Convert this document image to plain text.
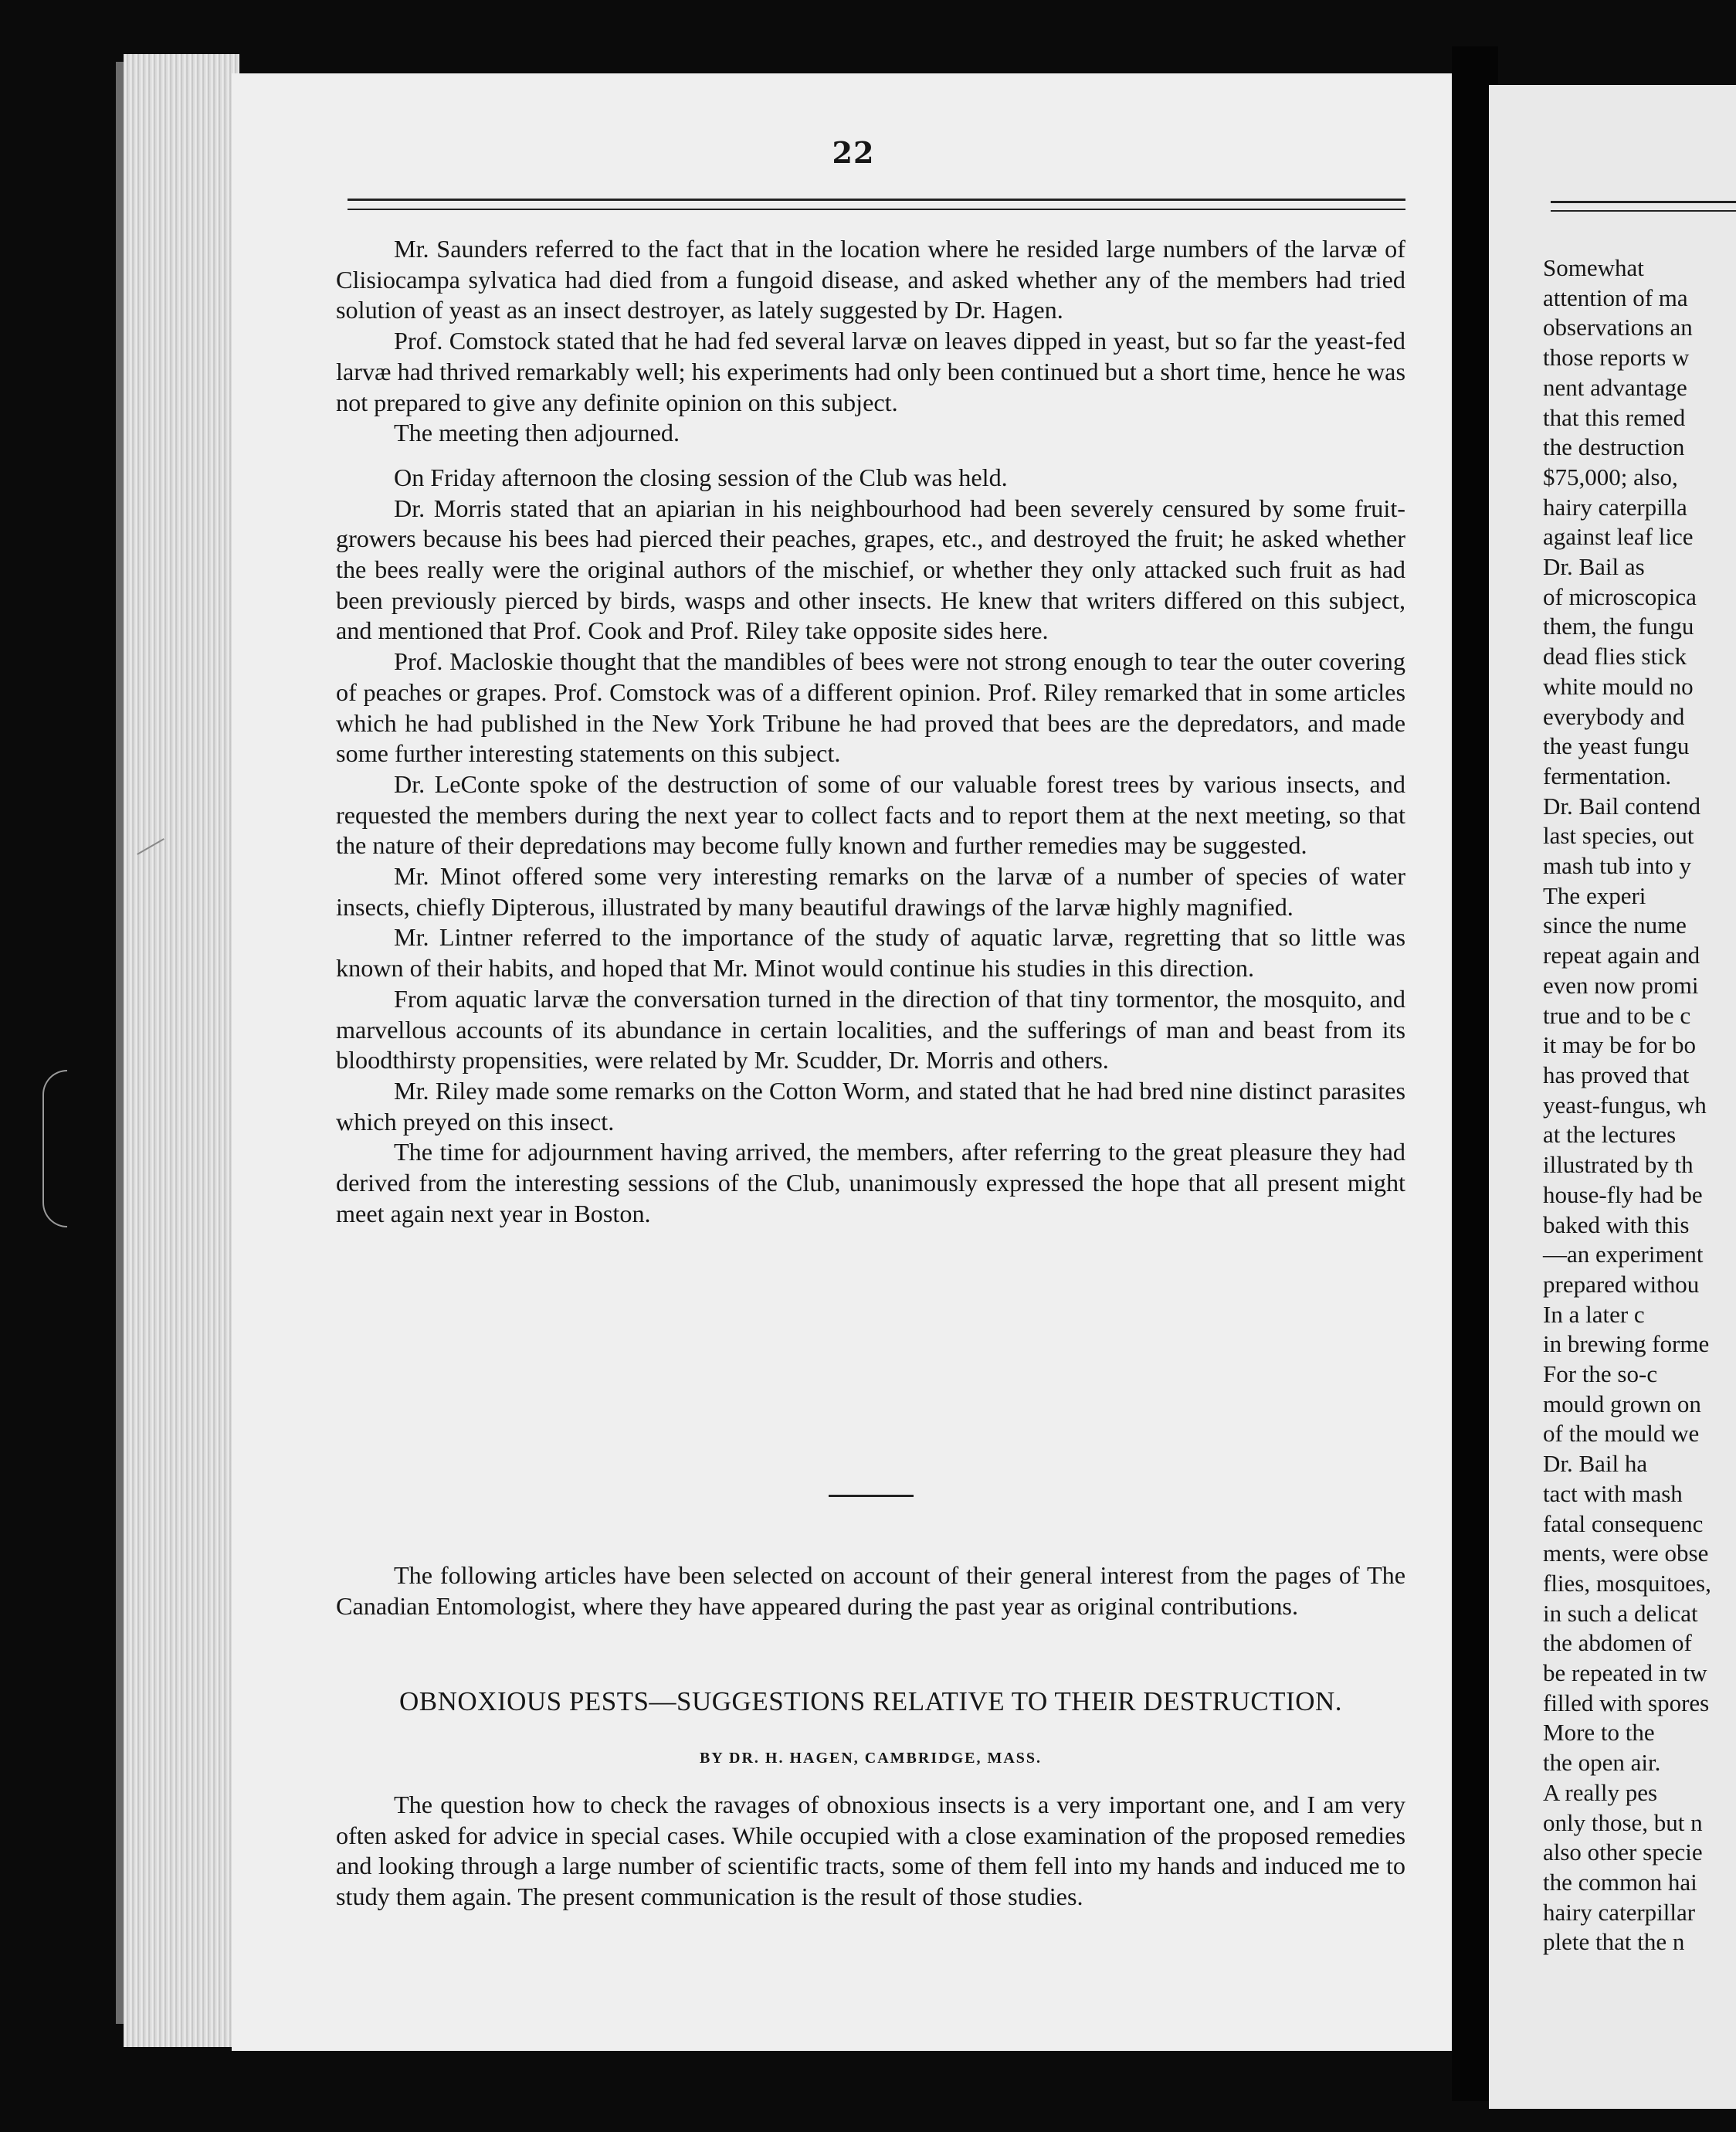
22

Mr. Saunders referred to the fact that in the location where he resided large numbers of the larvæ of Clisiocampa sylvatica had died from a fungoid disease, and asked whether any of the members had tried solution of yeast as an insect destroyer, as lately suggested by Dr. Hagen.

Prof. Comstock stated that he had fed several larvæ on leaves dipped in yeast, but so far the yeast-fed larvæ had thrived remarkably well; his experiments had only been continued but a short time, hence he was not prepared to give any definite opinion on this subject.

The meeting then adjourned.

On Friday afternoon the closing session of the Club was held.

Dr. Morris stated that an apiarian in his neighbourhood had been severely censured by some fruit-growers because his bees had pierced their peaches, grapes, etc., and destroyed the fruit; he asked whether the bees really were the original authors of the mischief, or whether they only attacked such fruit as had been previously pierced by birds, wasps and other insects. He knew that writers differed on this subject, and mentioned that Prof. Cook and Prof. Riley take opposite sides here.

Prof. Macloskie thought that the mandibles of bees were not strong enough to tear the outer covering of peaches or grapes. Prof. Comstock was of a different opinion. Prof. Riley remarked that in some articles which he had published in the New York Tribune he had proved that bees are the depredators, and made some further interesting statements on this subject.

Dr. LeConte spoke of the destruction of some of our valuable forest trees by various insects, and requested the members during the next year to collect facts and to report them at the next meeting, so that the nature of their depredations may become fully known and further remedies may be suggested.

Mr. Minot offered some very interesting remarks on the larvæ of a number of species of water insects, chiefly Dipterous, illustrated by many beautiful drawings of the larvæ highly magnified.

Mr. Lintner referred to the importance of the study of aquatic larvæ, regretting that so little was known of their habits, and hoped that Mr. Minot would continue his studies in this direction.

From aquatic larvæ the conversation turned in the direction of that tiny tormentor, the mosquito, and marvellous accounts of its abundance in certain localities, and the sufferings of man and beast from its bloodthirsty propensities, were related by Mr. Scudder, Dr. Morris and others.

Mr. Riley made some remarks on the Cotton Worm, and stated that he had bred nine distinct parasites which preyed on this insect.

The time for adjournment having arrived, the members, after referring to the great pleasure they had derived from the interesting sessions of the Club, unanimously expressed the hope that all present might meet again next year in Boston.

The following articles have been selected on account of their general interest from the pages of The Canadian Entomologist, where they have appeared during the past year as original contributions.

OBNOXIOUS PESTS—SUGGESTIONS RELATIVE TO THEIR DESTRUCTION.
BY DR. H. HAGEN, CAMBRIDGE, MASS.

The question how to check the ravages of obnoxious insects is a very important one, and I am very often asked for advice in special cases. While occupied with a close examination of the proposed remedies and looking through a large number of scientific tracts, some of them fell into my hands and induced me to study them again. The present communication is the result of those studies.

Somewhat
attention of ma
observations an
those reports w
nent advantage
that this remed
the destruction
$75,000; also,
hairy caterpilla
against leaf lice
Dr. Bail as
of microscopica
them, the fungu
dead flies stick
white mould no
everybody and
the yeast fungu
fermentation.
Dr. Bail contend
last species, out
mash tub into y
The experi
since the nume
repeat again and
even now promi
true and to be c
it may be for bo
has proved that
yeast-fungus, wh
at the lectures
illustrated by th
house-fly had be
baked with this
—an experiment
prepared withou
In a later c
in brewing forme
For the so-c
mould grown on
of the mould we
Dr. Bail ha
tact with mash
fatal consequenc
ments, were obse
flies, mosquitoes,
in such a delicat
the abdomen of
be repeated in tw
filled with spores
More to the
the open air.
A really pes
only those, but n
also other specie
the common hai
hairy caterpillar
plete that the n
